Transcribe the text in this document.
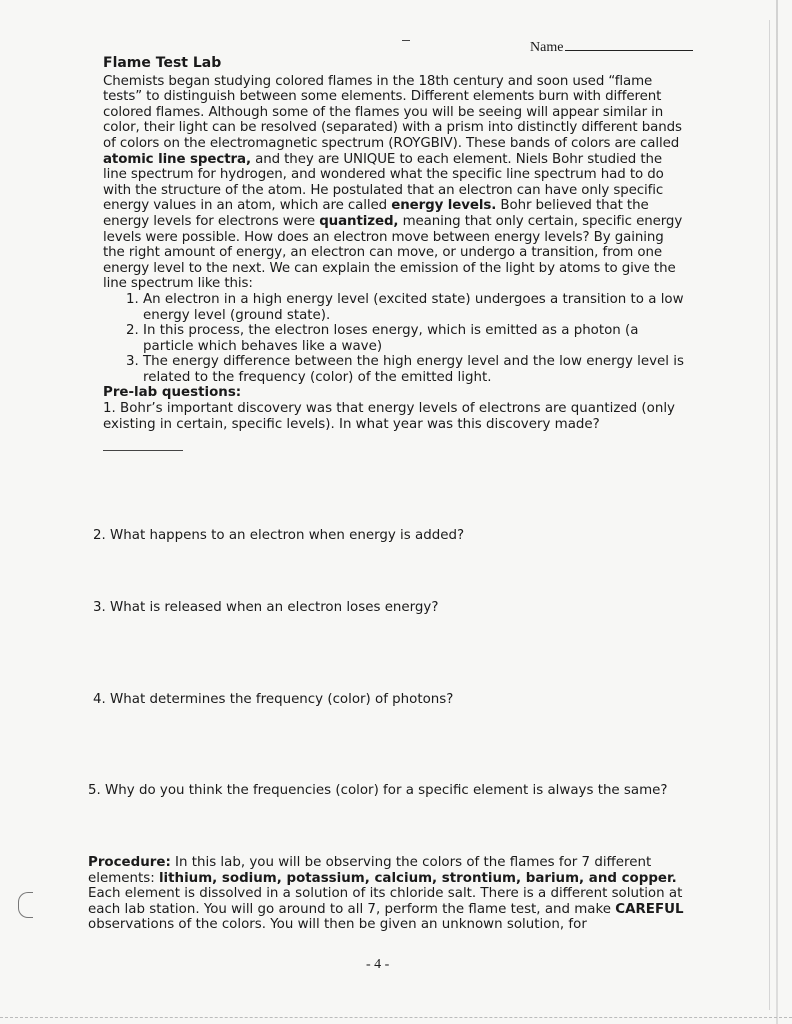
Name
Flame Test Lab

Chemists began studying colored flames in the 18th century and soon used “flame tests” to distinguish between some elements. Different elements burn with different colored flames. Although some of the flames you will be seeing will appear similar in color, their light can be resolved (separated) with a prism into distinctly different bands of colors on the electromagnetic spectrum (ROYGBIV). These bands of colors are called atomic line spectra, and they are UNIQUE to each element. Niels Bohr studied the line spectrum for hydrogen, and wondered what the specific line spectrum had to do with the structure of the atom. He postulated that an electron can have only specific energy values in an atom, which are called energy levels. Bohr believed that the energy levels for electrons were quantized, meaning that only certain, specific energy levels were possible. How does an electron move between energy levels? By gaining the right amount of energy, an electron can move, or undergo a transition, from one energy level to the next. We can explain the emission of the light by atoms to give the line spectrum like this:

1. An electron in a high energy level (excited state) undergoes a transition to a low energy level (ground state).
2. In this process, the electron loses energy, which is emitted as a photon (a particle which behaves like a wave)
3. The energy difference between the high energy level and the low energy level is related to the frequency (color) of the emitted light.
Pre-lab questions:

1. Bohr’s important discovery was that energy levels of electrons are quantized (only existing in certain, specific levels). In what year was this discovery made?

2. What happens to an electron when energy is added?
3. What is released when an electron loses energy?
4. What determines the frequency (color) of photons?
5. Why do you think the frequencies (color) for a specific element is always the same?

Procedure: In this lab, you will be observing the colors of the flames for 7 different elements: lithium, sodium, potassium, calcium, strontium, barium, and copper. Each element is dissolved in a solution of its chloride salt. There is a different solution at each lab station. You will go around to all 7, perform the flame test, and make CAREFUL observations of the colors. You will then be given an unknown solution, for

- 4 -
